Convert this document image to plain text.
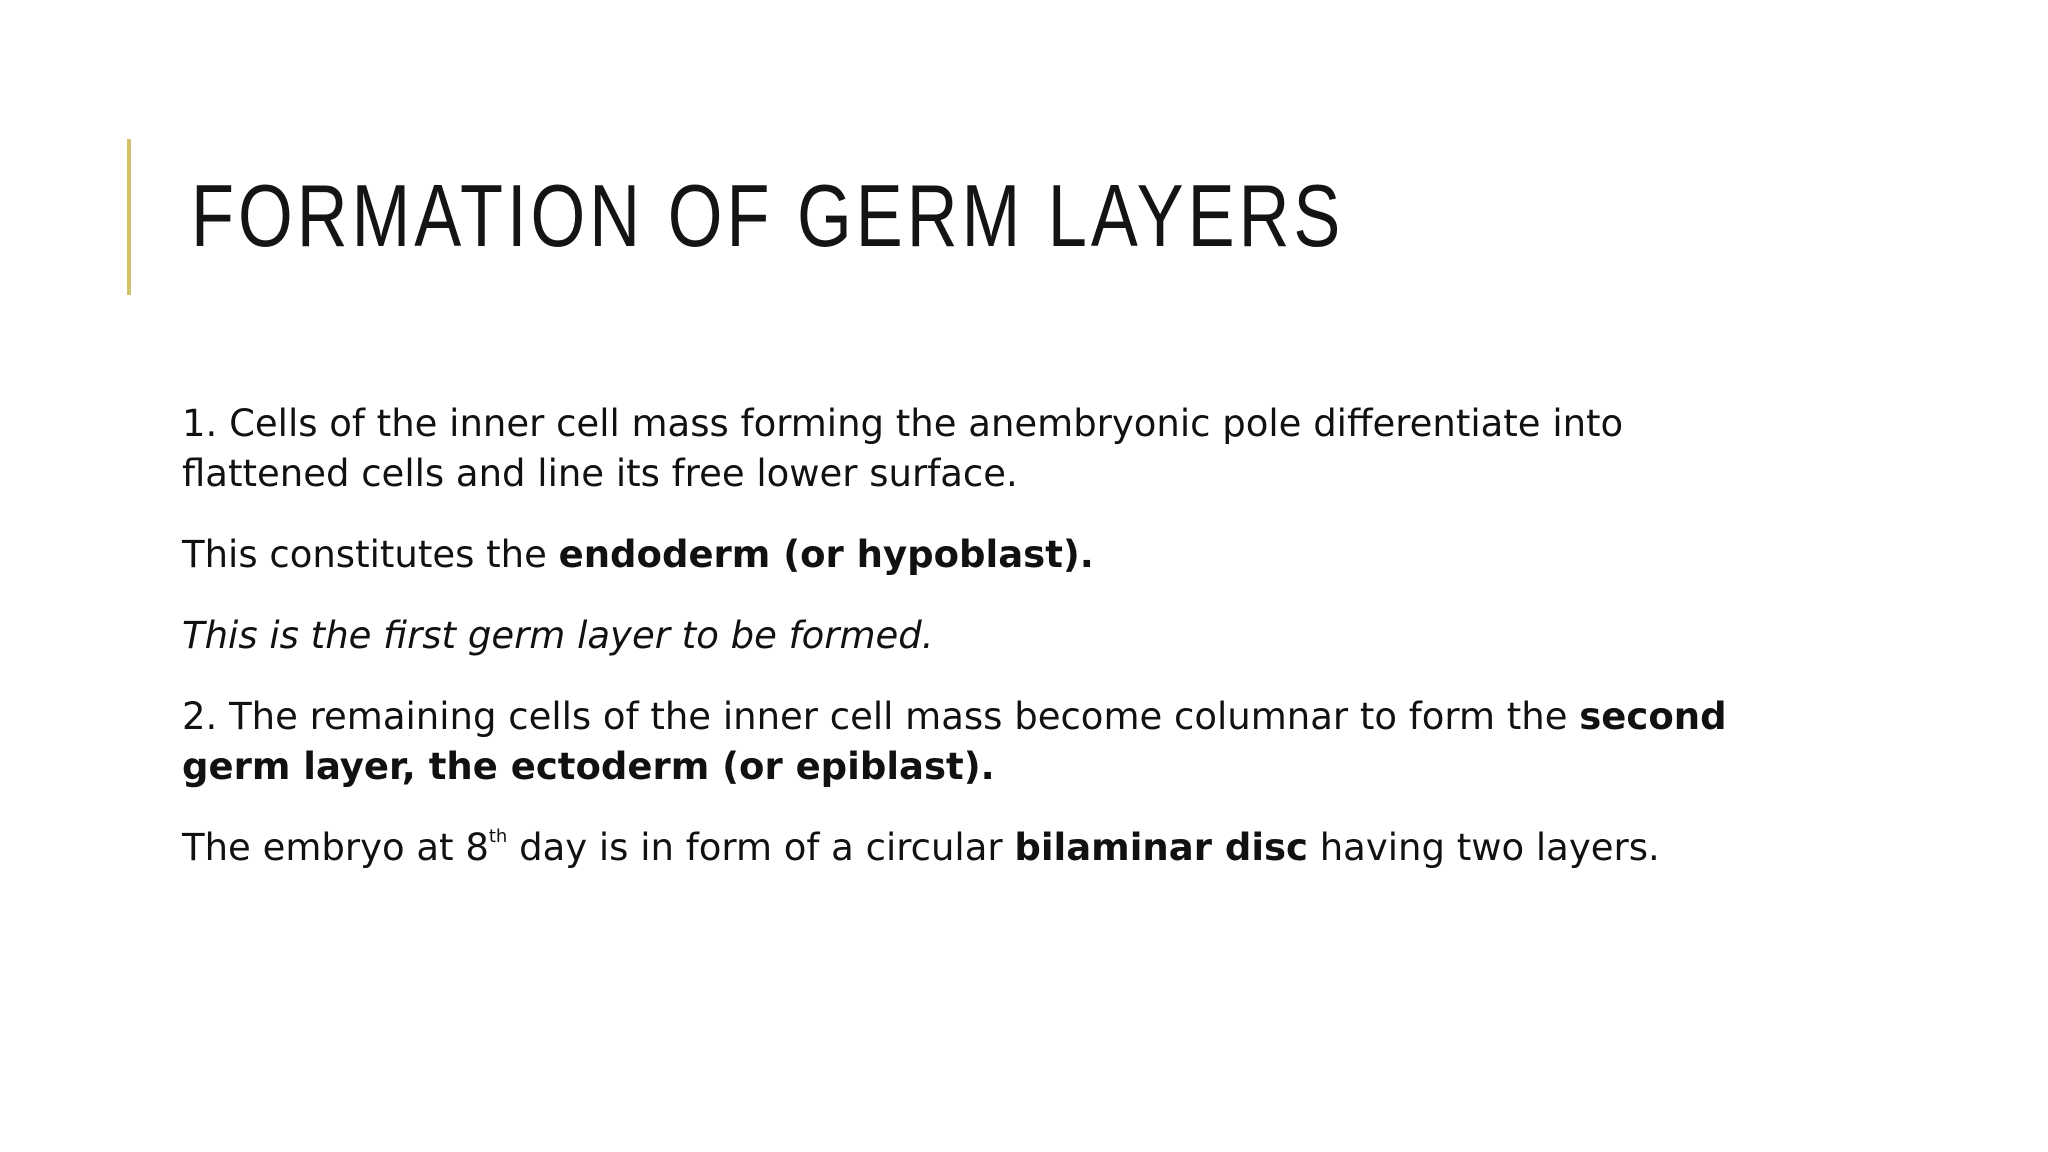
FORMATION OF GERM LAYERS

1. Cells of the inner cell mass forming the anembryonic pole differentiate into flattened cells and line its free lower surface.

This constitutes the endoderm (or hypoblast).

This is the first germ layer to be formed.

2. The remaining cells of the inner cell mass become columnar to form the second germ layer, the ectoderm (or epiblast).

The embryo at 8th day is in form of a circular bilaminar disc having two layers.
